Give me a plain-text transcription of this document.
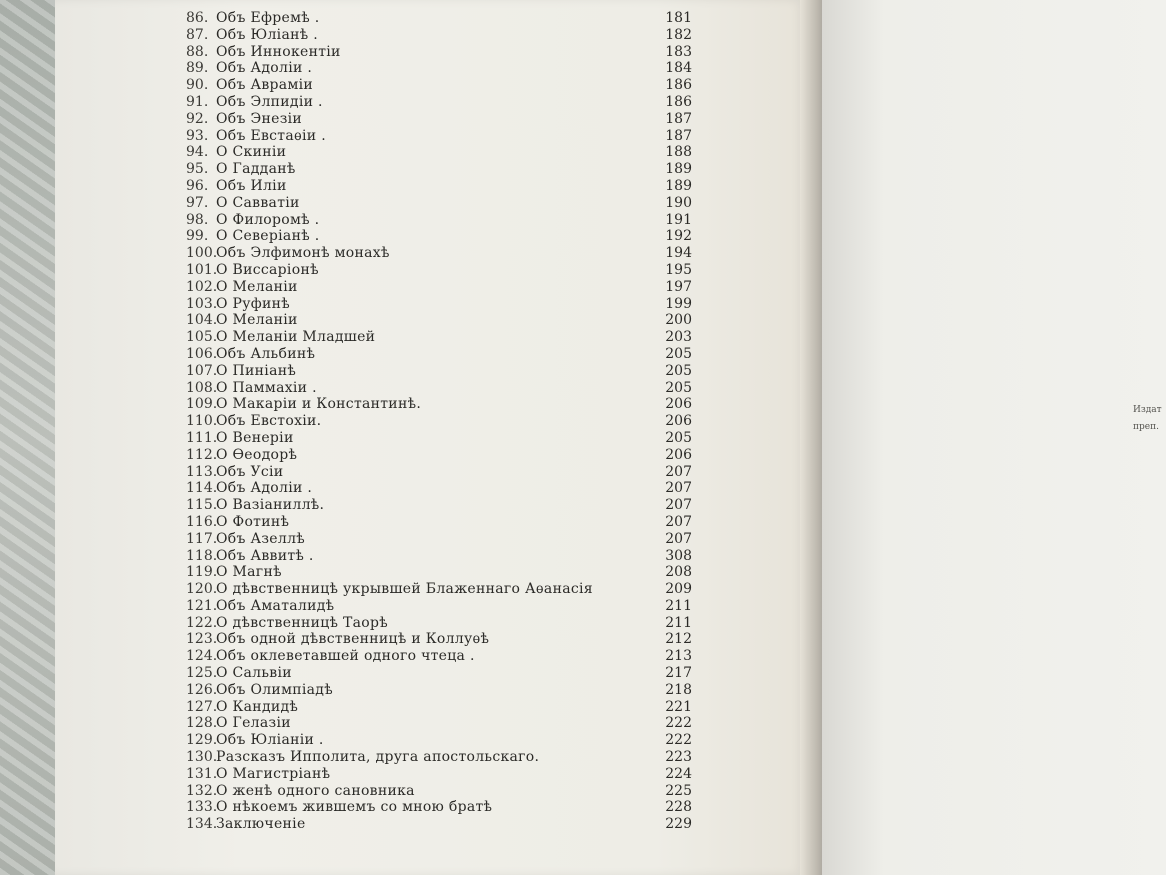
86. Объ Ефремѣ .	181
87. Объ Юліанѣ .	182
88. Объ Иннокентіи	183
89. Объ Адоліи .	184
90. Объ Авраміи	186
91. Объ Элпидіи .	186
92. Объ Энезіи	187
93. Объ Евстаѳіи .	187
94. О Скиніи	188
95. О Гадданѣ	189
96. Объ Иліи	189
97. О Савватіи	190
98. О Филоромѣ .	191
99. О Северіанѣ .	192
100.Объ Элфимонѣ монахѣ	194
101.О Виссаріонѣ	195
102.О Меланіи	197
103.О Руфинѣ	199
104.О Меланіи	200
105.О Меланіи Младшей	203
106.Объ Альбинѣ	205
107.О Пиніанѣ	205
108.О Паммахіи .	205
109.О Макаріи и Константинѣ.	206
110.Объ Евстохіи.	206
111.О Венеріи	205
112.О Ѳеодорѣ	206
113.Объ Усіи	207
114.Объ Адоліи .	207
115.О Вазіаниллѣ.	207
116.О Фотинѣ	207
117.Объ Азеллѣ	207
118.Объ Аввитѣ .	308
119.О Магнѣ	208
120.О дѣвственницѣ укрывшей Блаженнаго Аѳанасія	209
121.Объ Аматалидѣ	211
122.О дѣвственницѣ Таорѣ	211
123.Объ одной дѣвственницѣ и Коллуѳѣ	212
124.Объ оклеветавшей одного чтеца .	213
125.О Сальвіи	217
126.Объ Олимпіадѣ	218
127.О Кандидѣ	221
128.О Гелазіи	222
129.Объ Юліаніи .	222
130.Разсказъ Ипполита, друга апостольскаго.	223
131.О Магистріанѣ	224
132.О женѣ одного сановника	225
133.О нѣкоемъ жившемъ со мною братѣ	228
134.Заключеніе	229
Издат
преп.
